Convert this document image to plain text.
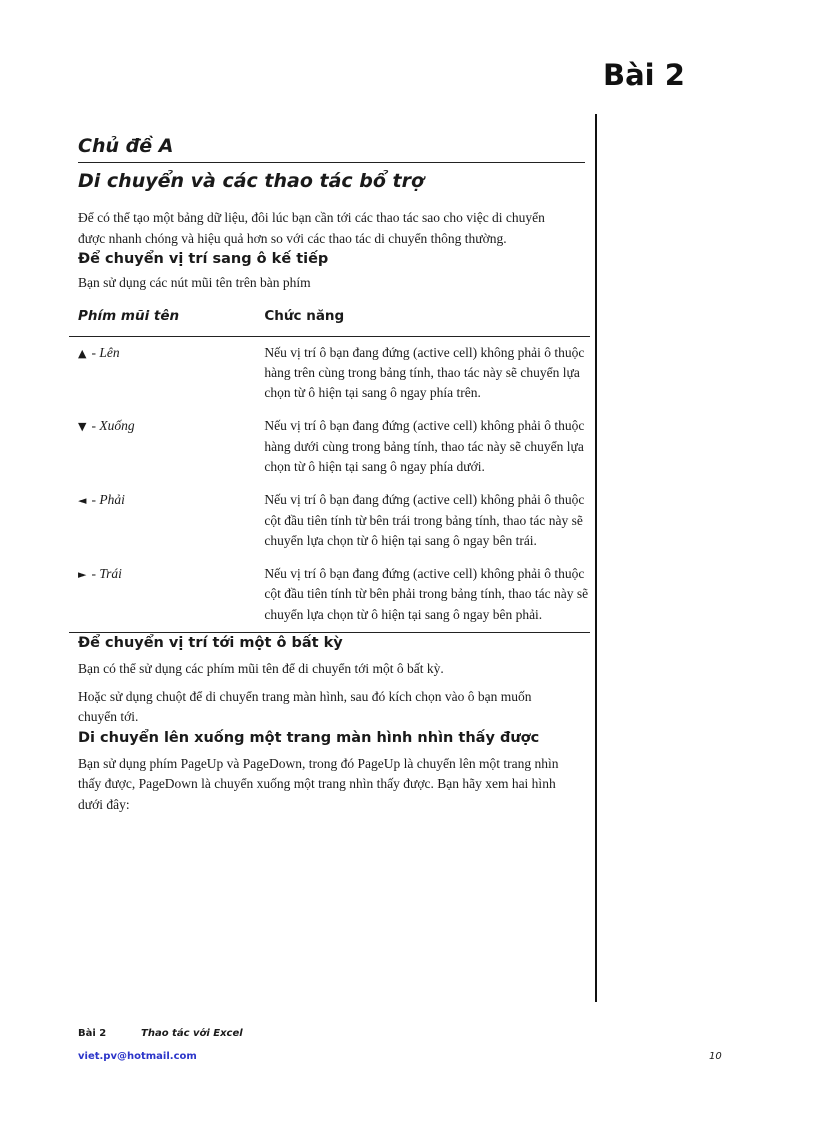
Bài 2
Chủ đề A
Di chuyển và các thao tác bổ trợ

Để có thể tạo một bảng dữ liệu, đôi lúc bạn cần tới các thao tác sao cho việc di chuyển được nhanh chóng và hiệu quả hơn so với các thao tác di chuyển thông thường.

Để chuyển vị trí sang ô kế tiếp

Bạn sử dụng các nút mũi tên trên bàn phím

Phím mũi tên	Chức năng
▲ - Lên	Nếu vị trí ô bạn đang đứng (active cell) không phải ô thuộc hàng trên cùng trong bảng tính, thao tác này sẽ chuyển lựa chọn từ ô hiện tại sang ô ngay phía trên.
▼ - Xuống	Nếu vị trí ô bạn đang đứng (active cell) không phải ô thuộc hàng dưới cùng trong bảng tính, thao tác này sẽ chuyển lựa chọn từ ô hiện tại sang ô ngay phía dưới.
◄ - Phải	Nếu vị trí ô bạn đang đứng (active cell) không phải ô thuộc cột đầu tiên tính từ bên trái trong bảng tính, thao tác này sẽ chuyển lựa chọn từ ô hiện tại sang ô ngay bên trái.
► - Trái	Nếu vị trí ô bạn đang đứng (active cell) không phải ô thuộc cột đầu tiên tính từ bên phải trong bảng tính, thao tác này sẽ chuyển lựa chọn từ ô hiện tại sang ô ngay bên phải.
Để chuyển vị trí tới một ô bất kỳ

Bạn có thể sử dụng các phím mũi tên để di chuyển tới một ô bất kỳ.

Hoặc sử dụng chuột để di chuyển trang màn hình, sau đó kích chọn vào ô bạn muốn chuyển tới.

Di chuyển lên xuống một trang màn hình nhìn thấy được

Bạn sử dụng phím PageUp và PageDown, trong đó PageUp là chuyển lên một trang nhìn thấy được, PageDown là chuyển xuống một trang nhìn thấy được. Bạn hãy xem hai hình dưới đây:

Bài 2	Thao tác với Excel
viet.pv@hotmail.com	10
